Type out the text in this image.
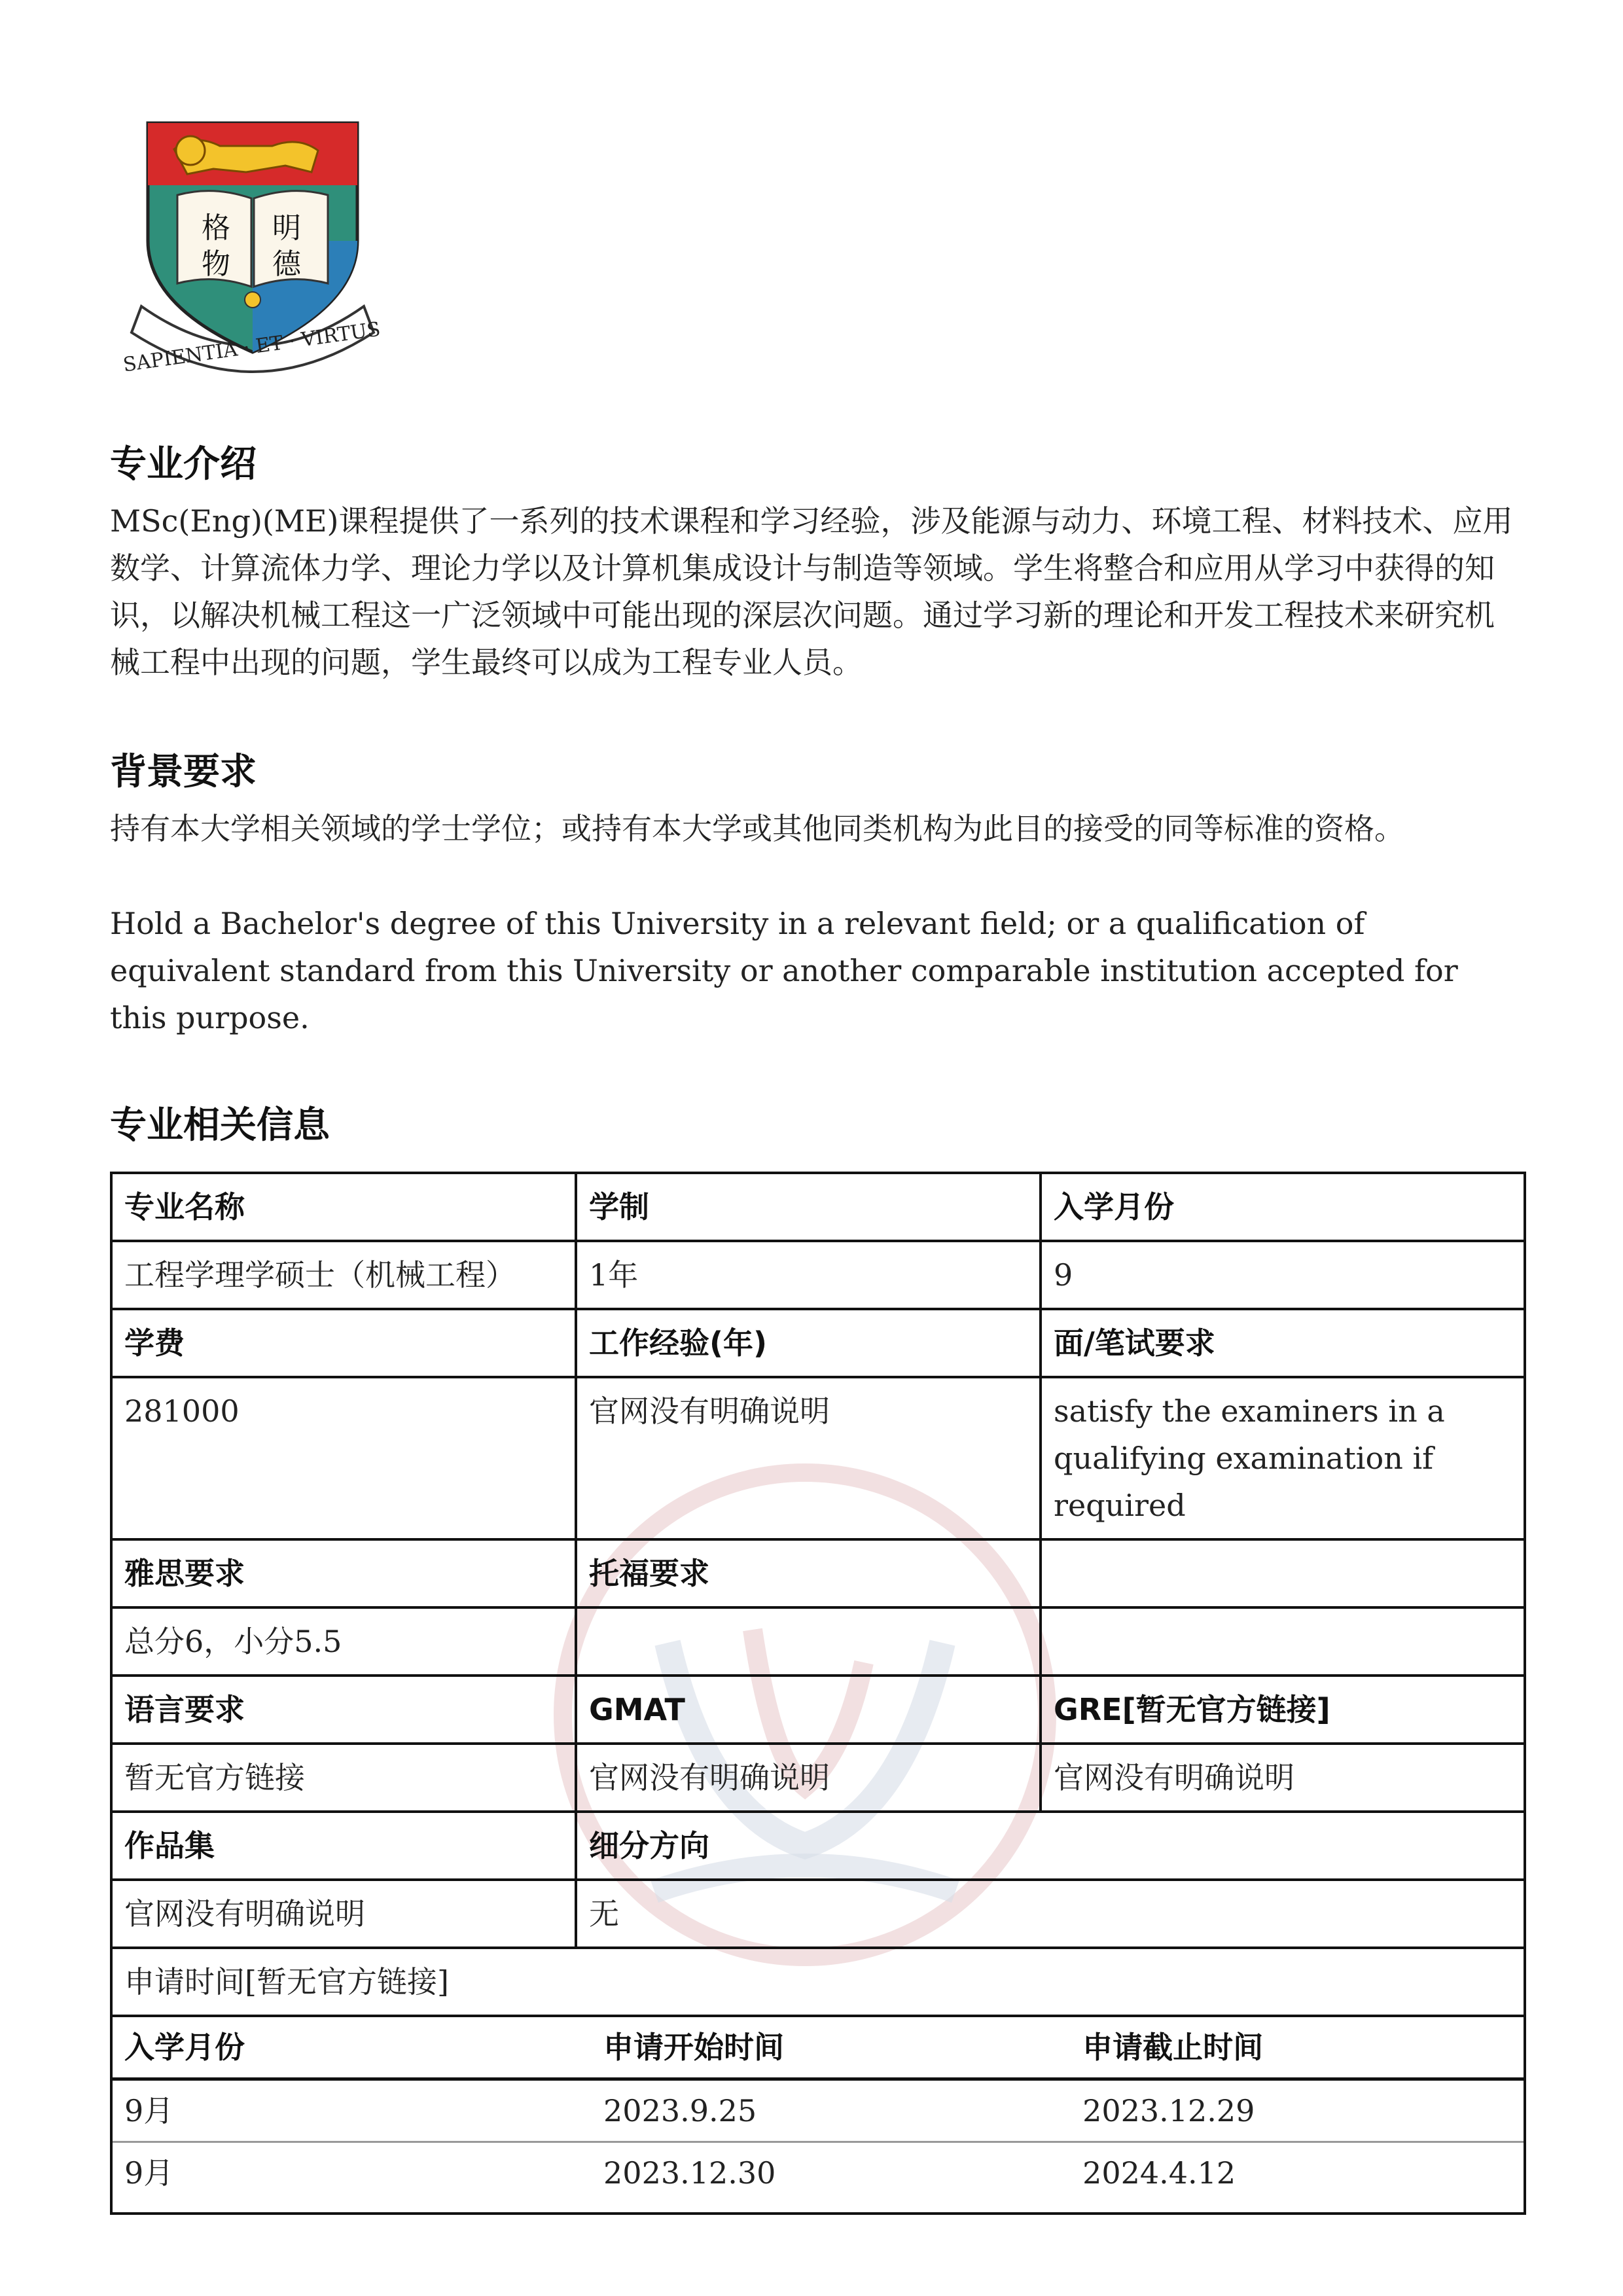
格 明
物 德
SAPIENTIA · ET · VIRTUS
专业介绍

MSc(Eng)(ME)课程提供了一系列的技术课程和学习经验，涉及能源与动力、环境工程、材料技术、应用数学、计算流体力学、理论力学以及计算机集成设计与制造等领域。学生将整合和应用从学习中获得的知识，以解决机械工程这一广泛领域中可能出现的深层次问题。通过学习新的理论和开发工程技术来研究机械工程中出现的问题，学生最终可以成为工程专业人员。

背景要求

持有本大学相关领域的学士学位；或持有本大学或其他同类机构为此目的接受的同等标准的资格。

Hold a Bachelor's degree of this University in a relevant field; or a qualification of equivalent standard from this University or another comparable institution accepted for this purpose.

专业相关信息
专业名称	学制	入学月份
工程学理学硕士（机械工程）	1年	9
学费	工作经验(年)	面/笔试要求
281000	官网没有明确说明	satisfy the examiners in a qualifying examination if required
雅思要求	托福要求	
总分6，小分5.5		
语言要求	GMAT	GRE[暂无官方链接]
暂无官方链接	官网没有明确说明	官网没有明确说明
作品集	细分方向	
官网没有明确说明	无	
申请时间[暂无官方链接]

入学月份	申请开始时间	申请截止时间
9月	2023.9.25	2023.12.29
9月	2023.12.30	2024.4.12
